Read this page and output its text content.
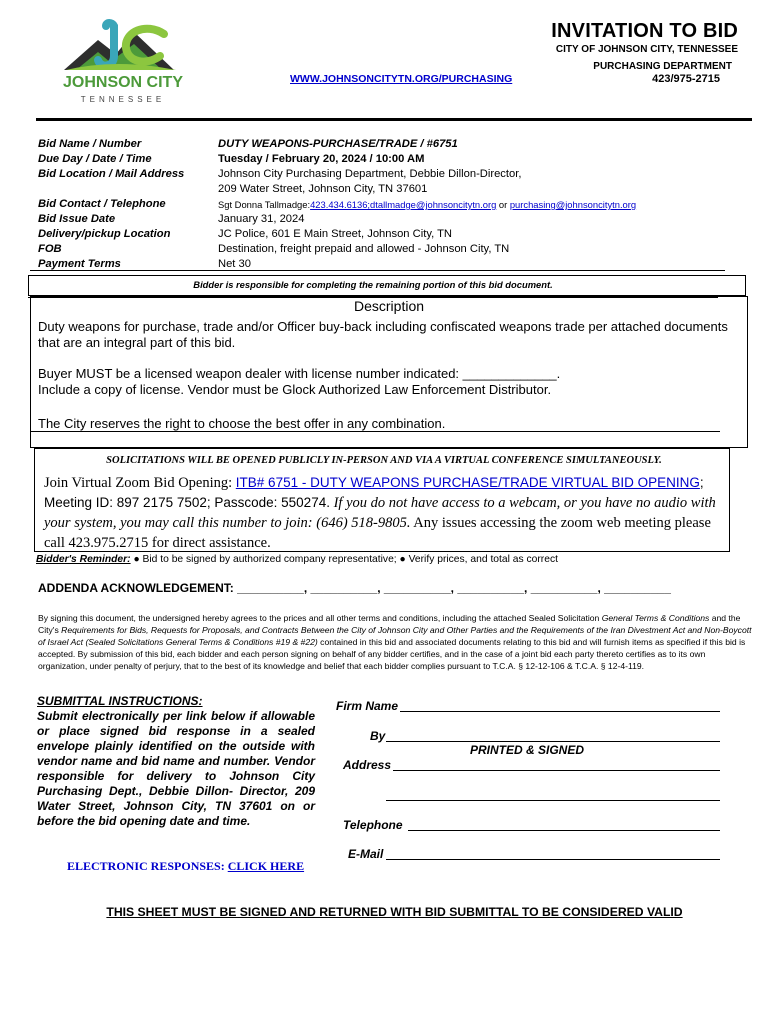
JOHNSON CITY
TENNESSEE
INVITATION TO BID
CITY OF JOHNSON CITY, TENNESSEE
PURCHASING DEPARTMENT
WWW.JOHNSONCITYTN.ORG/PURCHASING	423/975-2715
Bid Name / Number	DUTY WEAPONS-PURCHASE/TRADE / #6751
Due Day / Date / Time	Tuesday / February 20, 2024 / 10:00 AM
Bid Location / Mail Address	Johnson City Purchasing Department, Debbie Dillon-Director,
209 Water Street, Johnson City, TN 37601
Bid Contact / Telephone	Sgt Donna Tallmadge:423.434.6136;dtallmadge@johnsoncitytn.org or purchasing@johnsoncitytn.org
Bid Issue Date	January 31, 2024
Delivery/pickup Location	JC Police, 601 E Main Street, Johnson City, TN
FOB	Destination, freight prepaid and allowed - Johnson City, TN
Payment Terms	Net 30
Bidder is responsible for completing the remaining portion of this bid document.
Description
Duty weapons for purchase, trade and/or Officer buy-back including confiscated weapons trade per attached documents that are an integral part of this bid.
Buyer MUST be a licensed weapon dealer with license number indicated: _____________.
Include a copy of license. Vendor must be Glock Authorized Law Enforcement Distributor.
The City reserves the right to choose the best offer in any combination.
SOLICITATIONS WILL BE OPENED PUBLICLY IN-PERSON AND VIA A VIRTUAL CONFERENCE SIMULTANEOUSLY.
Join Virtual Zoom Bid Opening: ITB# 6751 - DUTY WEAPONS PURCHASE/TRADE VIRTUAL BID OPENING; Meeting ID: 897 2175 7502; Passcode: 550274. If you do not have access to a webcam, or you have no audio with your system, you may call this number to join: (646) 518-9805. Any issues accessing the zoom web meeting please call 423.975.2715 for direct assistance.
Bidder's Reminder: ● Bid to be signed by authorized company representative; ● Verify prices, and total as correct
ADDENDA ACKNOWLEDGEMENT: __________, __________, __________, __________, __________, __________
By signing this document, the undersigned hereby agrees to the prices and all other terms and conditions, including the attached Sealed Solicitation General Terms & Conditions and the City's Requirements for Bids, Requests for Proposals, and Contracts Between the City of Johnson City and Other Parties and the Requirements of the Iran Divestment Act and Non-Boycott of Israel Act (Sealed Solicitations General Terms & Conditions #19 & #22) contained in this bid and associated documents relating to this bid and will furnish items as specified if this bid is accepted. By submission of this bid, each bidder and each person signing on behalf of any bidder certifies, and in the case of a joint bid each party thereto certifies as to its own organization, under penalty of perjury, that to the best of its knowledge and belief that each bidder complies pursuant to T.C.A. § 12-12-106 & T.C.A. § 12-4-119.
SUBMITTAL INSTRUCTIONS:
Submit electronically per link below if allowable or place signed bid response in a sealed envelope plainly identified on the outside with vendor name and bid name and number. Vendor responsible for delivery to Johnson City Purchasing Dept., Debbie Dillon- Director, 209 Water Street, Johnson City, TN 37601 on or before the bid opening date and time.
ELECTRONIC RESPONSES: CLICK HERE
Firm Name
By
PRINTED & SIGNED
Address
Telephone
E-Mail
THIS SHEET MUST BE SIGNED AND RETURNED WITH BID SUBMITTAL TO BE CONSIDERED VALID
